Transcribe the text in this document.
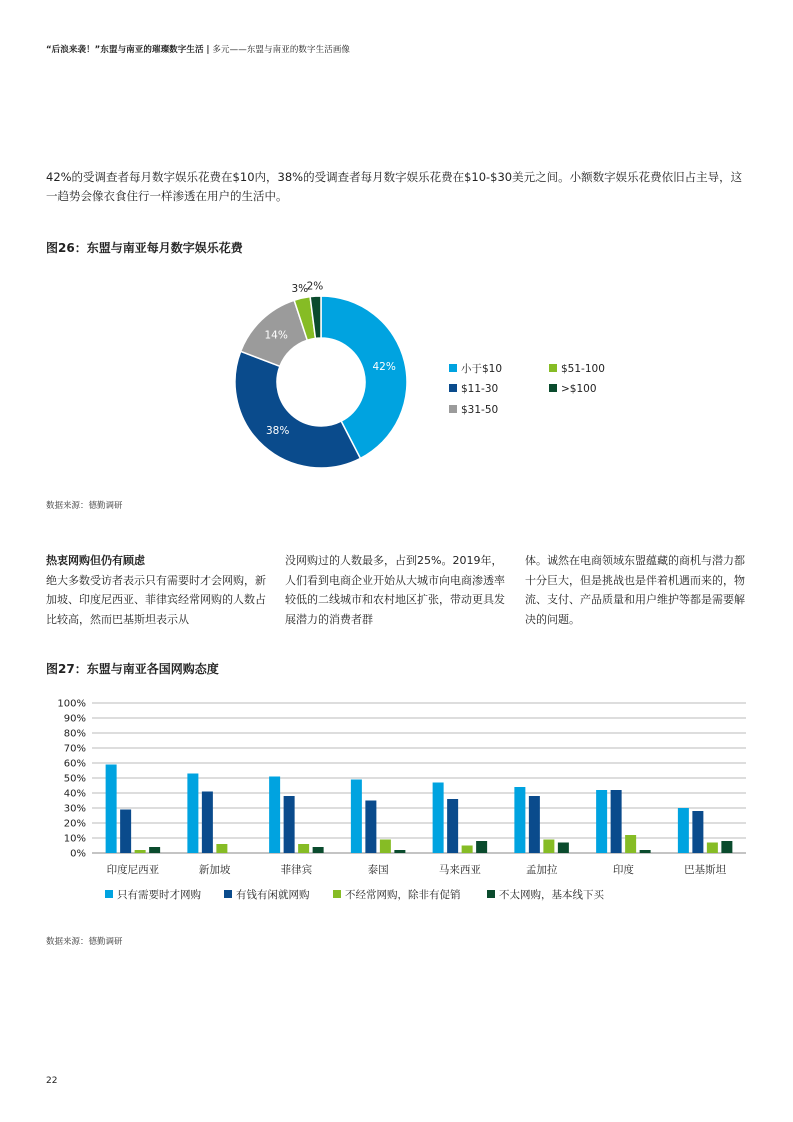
“后浪来袭！”东盟与南亚的璀璨数字生活 | 多元——东盟与南亚的数字生活画像
42%的受调查者每月数字娱乐花费在$10内，38%的受调查者每月数字娱乐花费在$10-$30美元之间。小额数字娱乐花费依旧占主导，这一趋势会像衣食住行一样渗透在用户的生活中。
图26：东盟与南亚每月数字娱乐花费
42%
38%
14%
3%
2%
小于$10	$51-100
$11-30	>$100
$31-50
数据来源：德勤调研
热衷网购但仍有顾虑
绝大多数受访者表示只有需要时才会网购，新加坡、印度尼西亚、菲律宾经常网购的人数占比较高，然而巴基斯坦表示从
没网购过的人数最多，占到25%。2019年，人们看到电商企业开始从大城市向电商渗透率较低的二线城市和农村地区扩张，带动更具发展潜力的消费者群
体。诚然在电商领域东盟蕴藏的商机与潜力都十分巨大，但是挑战也是伴着机遇而来的，物流、支付、产品质量和用户维护等都是需要解决的问题。
图27：东盟与南亚各国网购态度
0%
10%
20%
30%
40%
50%
60%
70%
80%
90%
100%
印度尼西亚	新加坡	菲律宾	泰国	马来西亚	孟加拉	印度	巴基斯坦
只有需要时才网购	有钱有闲就网购	不经常网购，除非有促销	不太网购，基本线下买
数据来源：德勤调研
22
